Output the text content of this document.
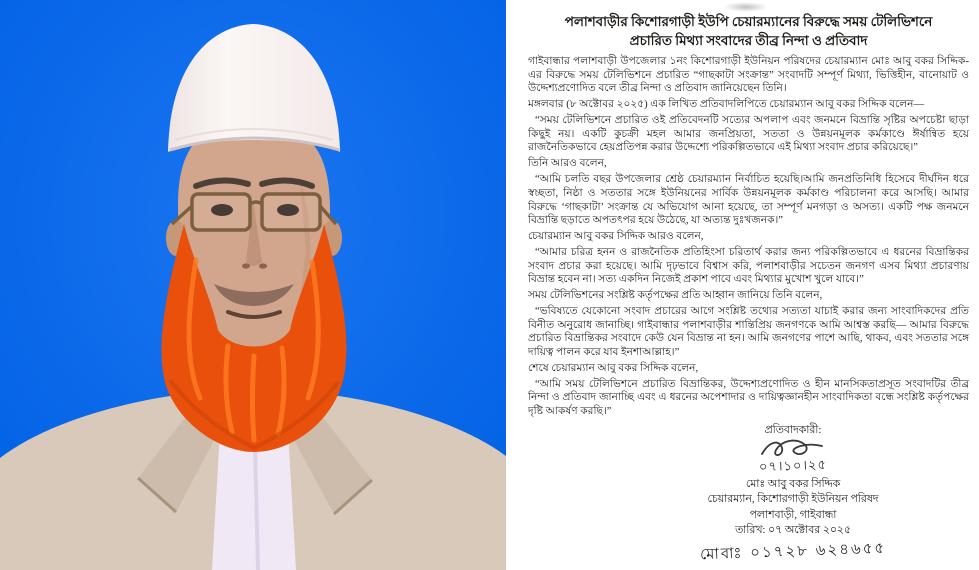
পলাশবাড়ীর কিশোরগাড়ী ইউপি চেয়ারম্যানের বিরুদ্ধে সময় টেলিভিশনে
প্রচারিত মিথ্যা সংবাদের তীব্র নিন্দা ও প্রতিবাদ

গাইবান্ধার পলাশবাড়ী উপজেলার ১নং কিশোরগাড়ী ইউনিয়ন পরিষদের চেয়ারম্যান মোঃ আবু বকর সিদ্দিক-এর বিরুদ্ধে সময় টেলিভিশনে প্রচারিত “গাছকাটা সংক্রান্ত” সংবাদটি সম্পূর্ণ মিথ্যা, ভিত্তিহীন, বানোয়াট ও উদ্দেশ্যপ্রণোদিত বলে তীব্র নিন্দা ও প্রতিবাদ জানিয়েছেন তিনি।

মঙ্গলবার (৮ অক্টোবর ২০২৫) এক লিখিত প্রতিবাদলিপিতে চেয়ারম্যান আবু বকর সিদ্দিক বলেন—

“সময় টেলিভিশনে প্রচারিত ওই প্রতিবেদনটি সত্যের অপলাপ এবং জনমনে বিভ্রান্তি সৃষ্টির অপচেষ্টা ছাড়া কিছুই নয়। একটি কুচক্রী মহল আমার জনপ্রিয়তা, সততা ও উন্নয়নমূলক কর্মকাণ্ডে ঈর্ষান্বিত হয়ে রাজনৈতিকভাবে হেয়প্রতিপন্ন করার উদ্দেশ্যে পরিকল্পিতভাবে এই মিথ্যা সংবাদ প্রচার করিয়েছে।”

তিনি আরও বলেন,

“আমি চলতি বছর উপজেলার শ্রেষ্ঠ চেয়ারম্যান নির্বাচিত হয়েছি।আমি জনপ্রতিনিধি হিসেবে দীর্ঘদিন ধরে স্বচ্ছতা, নিষ্ঠা ও সততার সঙ্গে ইউনিয়নের সার্বিক উন্নয়নমূলক কর্মকাণ্ড পরিচালনা করে আসছি। আমার বিরুদ্ধে ‘গাছকাটা’ সংক্রান্ত যে অভিযোগ আনা হয়েছে, তা সম্পূর্ণ মনগড়া ও অসত্য। একটি পক্ষ জনমনে বিভ্রান্তি ছড়াতে অপতৎপর হয়ে উঠেছে, যা অত্যন্ত দুঃখজনক।”

চেয়ারম্যান আবু বকর সিদ্দিক আরও বলেন,

“আমার চরিত্র হনন ও রাজনৈতিক প্রতিহিংসা চরিতার্থ করার জন্য পরিকল্পিতভাবে এ ধরনের বিভ্রান্তিকর সংবাদ প্রচার করা হয়েছে। আমি দৃঢ়ভাবে বিশ্বাস করি, পলাশবাড়ীর সচেতন জনগণ এসব মিথ্যা প্রচারণায় বিভ্রান্ত হবেন না। সত্য একদিন নিজেই প্রকাশ পাবে এবং মিথ্যার মুখোশ খুলে যাবে।”

সময় টেলিভিশনের সংশ্লিষ্ট কর্তৃপক্ষের প্রতি আহ্বান জানিয়ে তিনি বলেন,

“ভবিষ্যতে যেকোনো সংবাদ প্রচারের আগে সংশ্লিষ্ট তথ্যের সত্যতা যাচাই করার জন্য সাংবাদিকদের প্রতি বিনীত অনুরোধ জানাচ্ছি। গাইবান্ধার পলাশবাড়ীর শান্তিপ্রিয় জনগণকে আমি আশ্বস্ত করছি— আমার বিরুদ্ধে প্রচারিত বিভ্রান্তিকর সংবাদে কেউ যেন বিভ্রান্ত না হন। আমি জনগণের পাশে আছি, থাকব, এবং সততার সঙ্গে দায়িত্ব পালন করে যাব ইনশাআল্লাহ।”

শেষে চেয়ারম্যান আবু বকর সিদ্দিক বলেন,

“আমি সময় টেলিভিশনে প্রচারিত বিভ্রান্তিকর, উদ্দেশ্যপ্রণোদিত ও হীন মানসিকতাপ্রসূত সংবাদটির তীব্র নিন্দা ও প্রতিবাদ জানাচ্ছি এবং এ ধরনের অপেশাদার ও দায়িত্বজ্ঞানহীন সাংবাদিকতা বন্ধে সংশ্লিষ্ট কর্তৃপক্ষের দৃষ্টি আকর্ষণ করছি।”

প্রতিবাদকারী:
০৭।১০।২৫
মোঃ আবু বকর সিদ্দিক
চেয়ারম্যান, কিশোরগাড়ী ইউনিয়ন পরিষদ
পলাশবাড়ী, গাইবান্ধা
তারিখ: ০৭ অক্টোবর ২০২৫
মোবাঃ ০১৭২৮ ৬২৪৬৫৫
